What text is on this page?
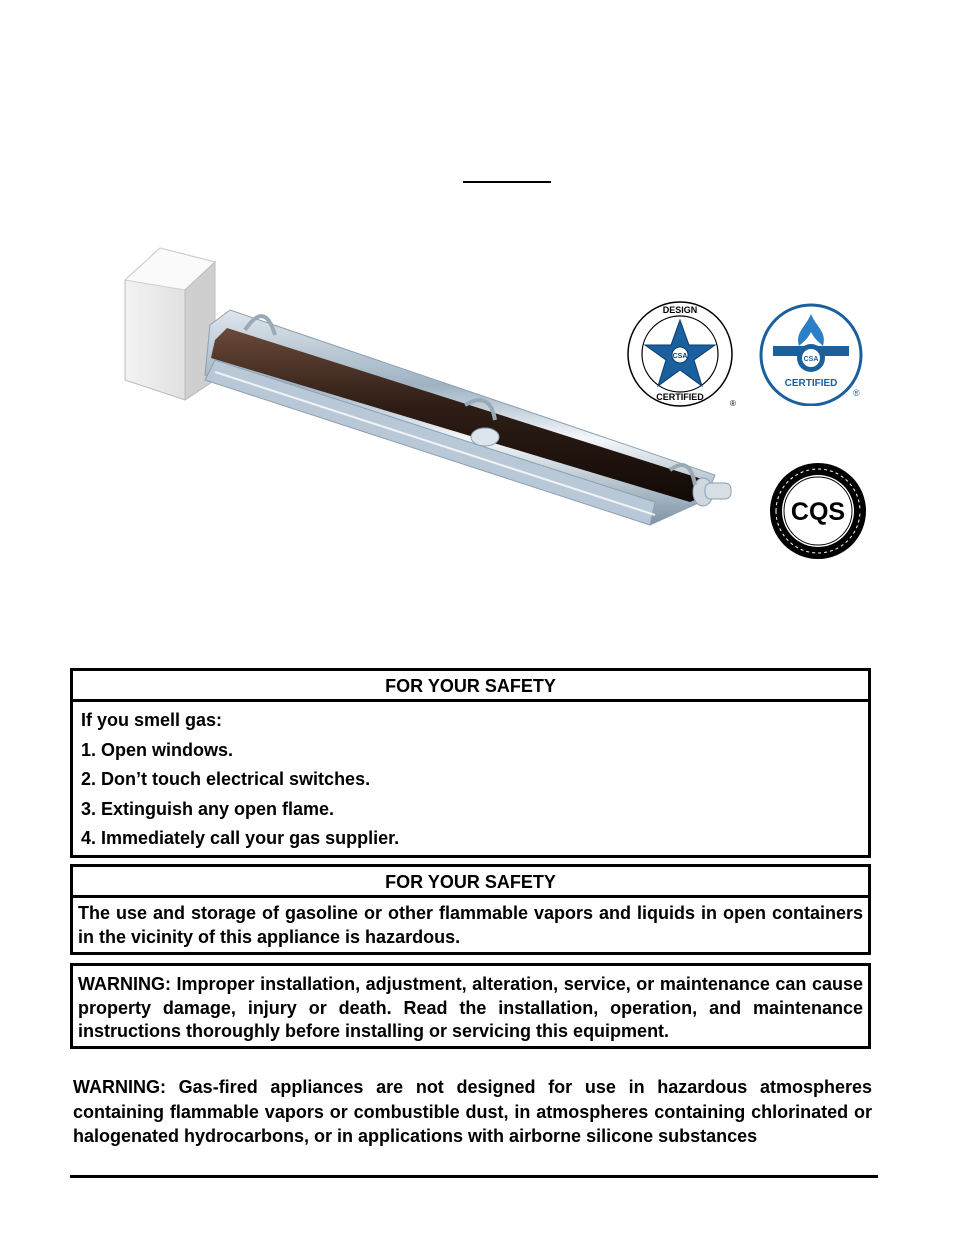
CSA
DESIGN
CERTIFIED
®
CSA
CERTIFIED
®
CQS
FOR YOUR SAFETY
If you smell gas:
1. Open windows.
2. Don’t touch electrical switches.
3. Extinguish any open flame.
4. Immediately call your gas supplier.
FOR YOUR SAFETY
The use and storage of gasoline or other flammable vapors and liquids in open containers in the vicinity of this appliance is hazardous.
WARNING: Improper installation, adjustment, alteration, service, or maintenance can cause property damage, injury or death. Read the installation, operation, and maintenance instructions thoroughly before installing or servicing this equipment.
WARNING: Gas-fired appliances are not designed for use in hazardous atmospheres containing flammable vapors or combustible dust, in atmospheres containing chlorinated or halogenated hydrocarbons, or in applications with airborne silicone substances
